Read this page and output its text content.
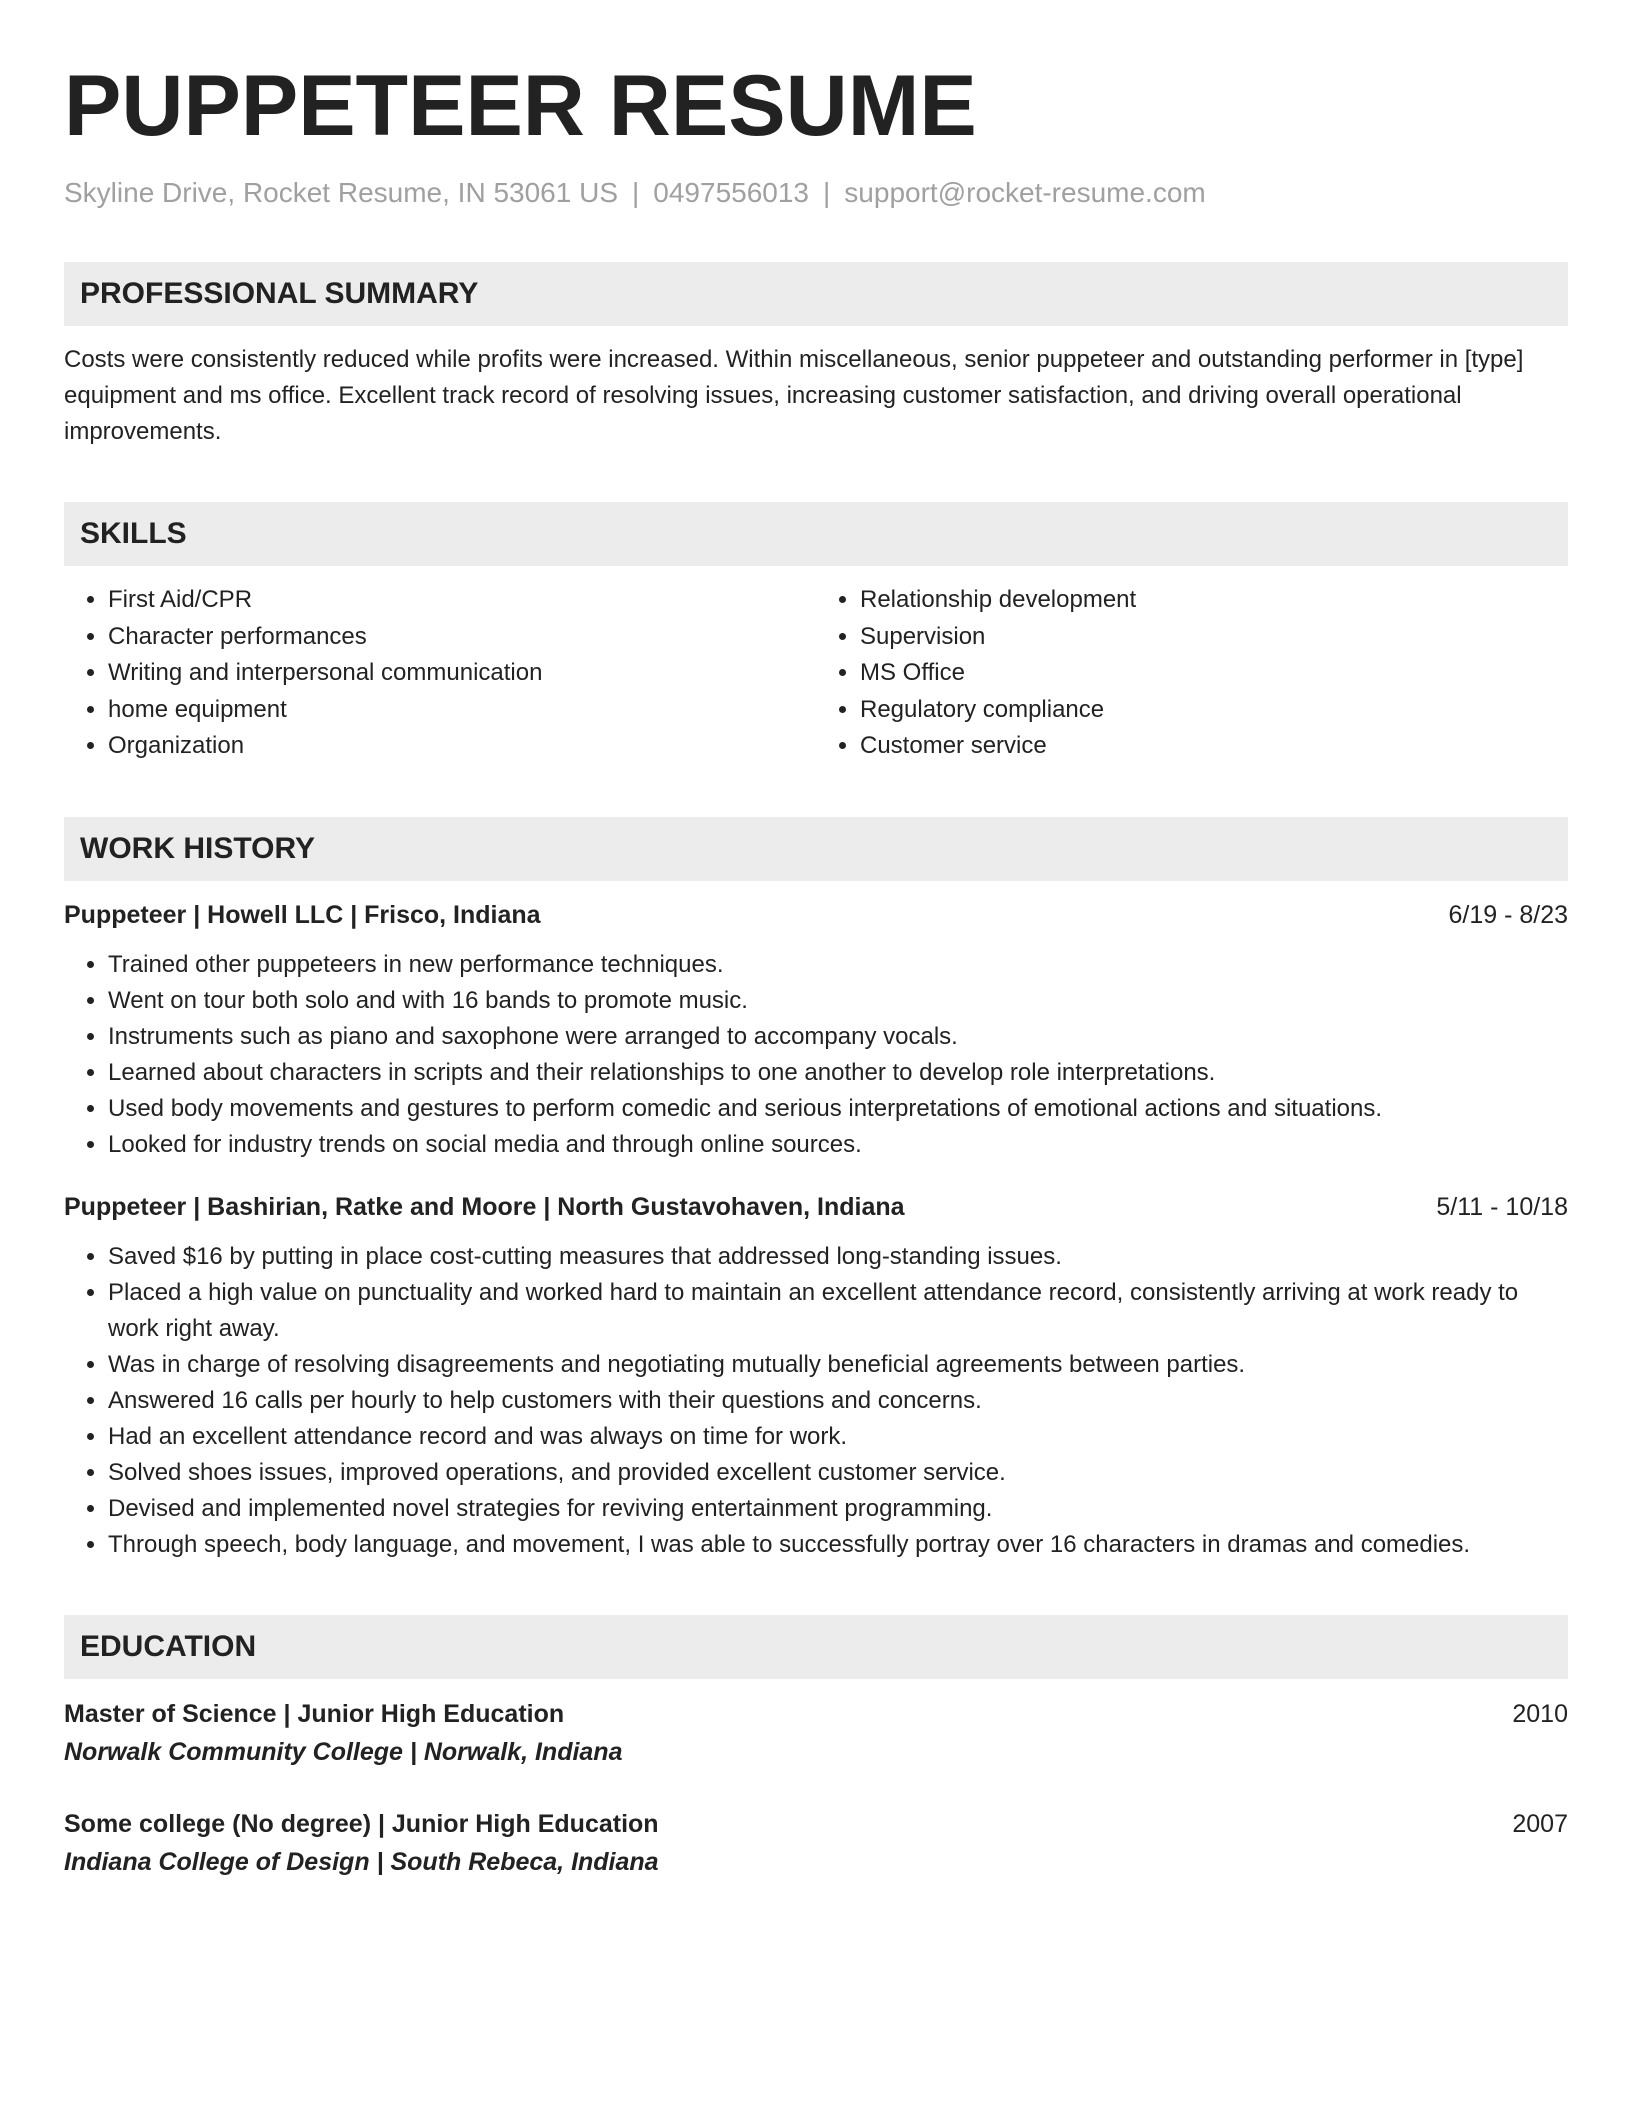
PUPPETEER RESUME
Skyline Drive, Rocket Resume, IN 53061 US | 0497556013 | support@rocket-resume.com
PROFESSIONAL SUMMARY
Costs were consistently reduced while profits were increased. Within miscellaneous, senior puppeteer and outstanding performer in [type] equipment and ms office. Excellent track record of resolving issues, increasing customer satisfaction, and driving overall operational improvements.
SKILLS
• First Aid/CPR
• Character performances
• Writing and interpersonal communication
• home equipment
• Organization
• Relationship development
• Supervision
• MS Office
• Regulatory compliance
• Customer service
WORK HISTORY
Puppeteer | Howell LLC | Frisco, Indiana	6/19 - 8/23
• Trained other puppeteers in new performance techniques.
• Went on tour both solo and with 16 bands to promote music.
• Instruments such as piano and saxophone were arranged to accompany vocals.
• Learned about characters in scripts and their relationships to one another to develop role interpretations.
• Used body movements and gestures to perform comedic and serious interpretations of emotional actions and situations.
• Looked for industry trends on social media and through online sources.
Puppeteer | Bashirian, Ratke and Moore | North Gustavohaven, Indiana	5/11 - 10/18
• Saved $16 by putting in place cost-cutting measures that addressed long-standing issues.
• Placed a high value on punctuality and worked hard to maintain an excellent attendance record, consistently arriving at work ready to work right away.
• Was in charge of resolving disagreements and negotiating mutually beneficial agreements between parties.
• Answered 16 calls per hourly to help customers with their questions and concerns.
• Had an excellent attendance record and was always on time for work.
• Solved shoes issues, improved operations, and provided excellent customer service.
• Devised and implemented novel strategies for reviving entertainment programming.
• Through speech, body language, and movement, I was able to successfully portray over 16 characters in dramas and comedies.
EDUCATION
Master of Science | Junior High Education	2010
Norwalk Community College | Norwalk, Indiana
Some college (No degree) | Junior High Education	2007
Indiana College of Design | South Rebeca, Indiana
